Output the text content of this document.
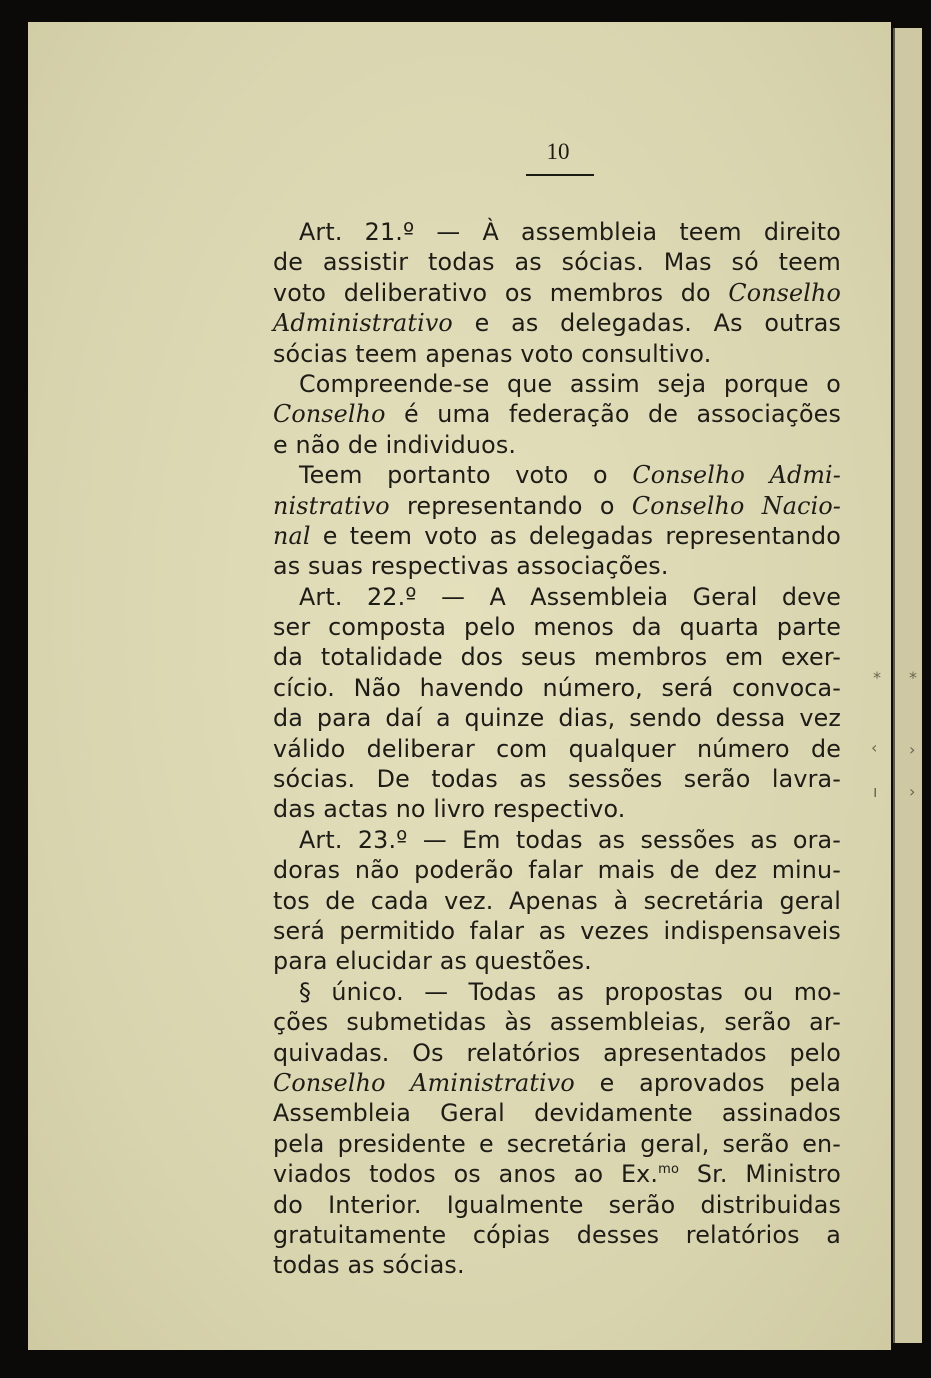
10
Art. 21.º — À assembleia teem direito
de assistir todas as sócias. Mas só teem
voto deliberativo os membros do Conselho
Administrativo e as delegadas. As outras
sócias teem apenas voto consultivo.
Compreende-se que assim seja porque o
Conselho é uma federação de associações
e não de individuos.
Teem portanto voto o Conselho Admi-
nistrativo representando o Conselho Nacio-
nal e teem voto as delegadas representando
as suas respectivas associações.
Art. 22.º — A Assembleia Geral deve
ser composta pelo menos da quarta parte
da totalidade dos seus membros em exer-
cício. Não havendo número, será convoca-
da para daí a quinze dias, sendo dessa vez
válido deliberar com qualquer número de
sócias. De todas as sessões serão lavra-
das actas no livro respectivo.
Art. 23.º — Em todas as sessões as ora-
doras não poderão falar mais de dez minu-
tos de cada vez. Apenas à secretária geral
será permitido falar as vezes indispensaveis
para elucidar as questões.
§ único. — Todas as propostas ou mo-
ções submetidas às assembleias, serão ar-
quivadas. Os relatórios apresentados pelo
Conselho Aministrativo e aprovados pela
Assembleia Geral devidamente assinados
pela presidente e secretária geral, serão en-
viados todos os anos ao Ex.$^{mo}$ Sr. Ministro
do Interior. Igualmente serão distribuidas
gratuitamente cópias desses relatórios a
todas as sócias.
* *
‹ ›
ı ›
